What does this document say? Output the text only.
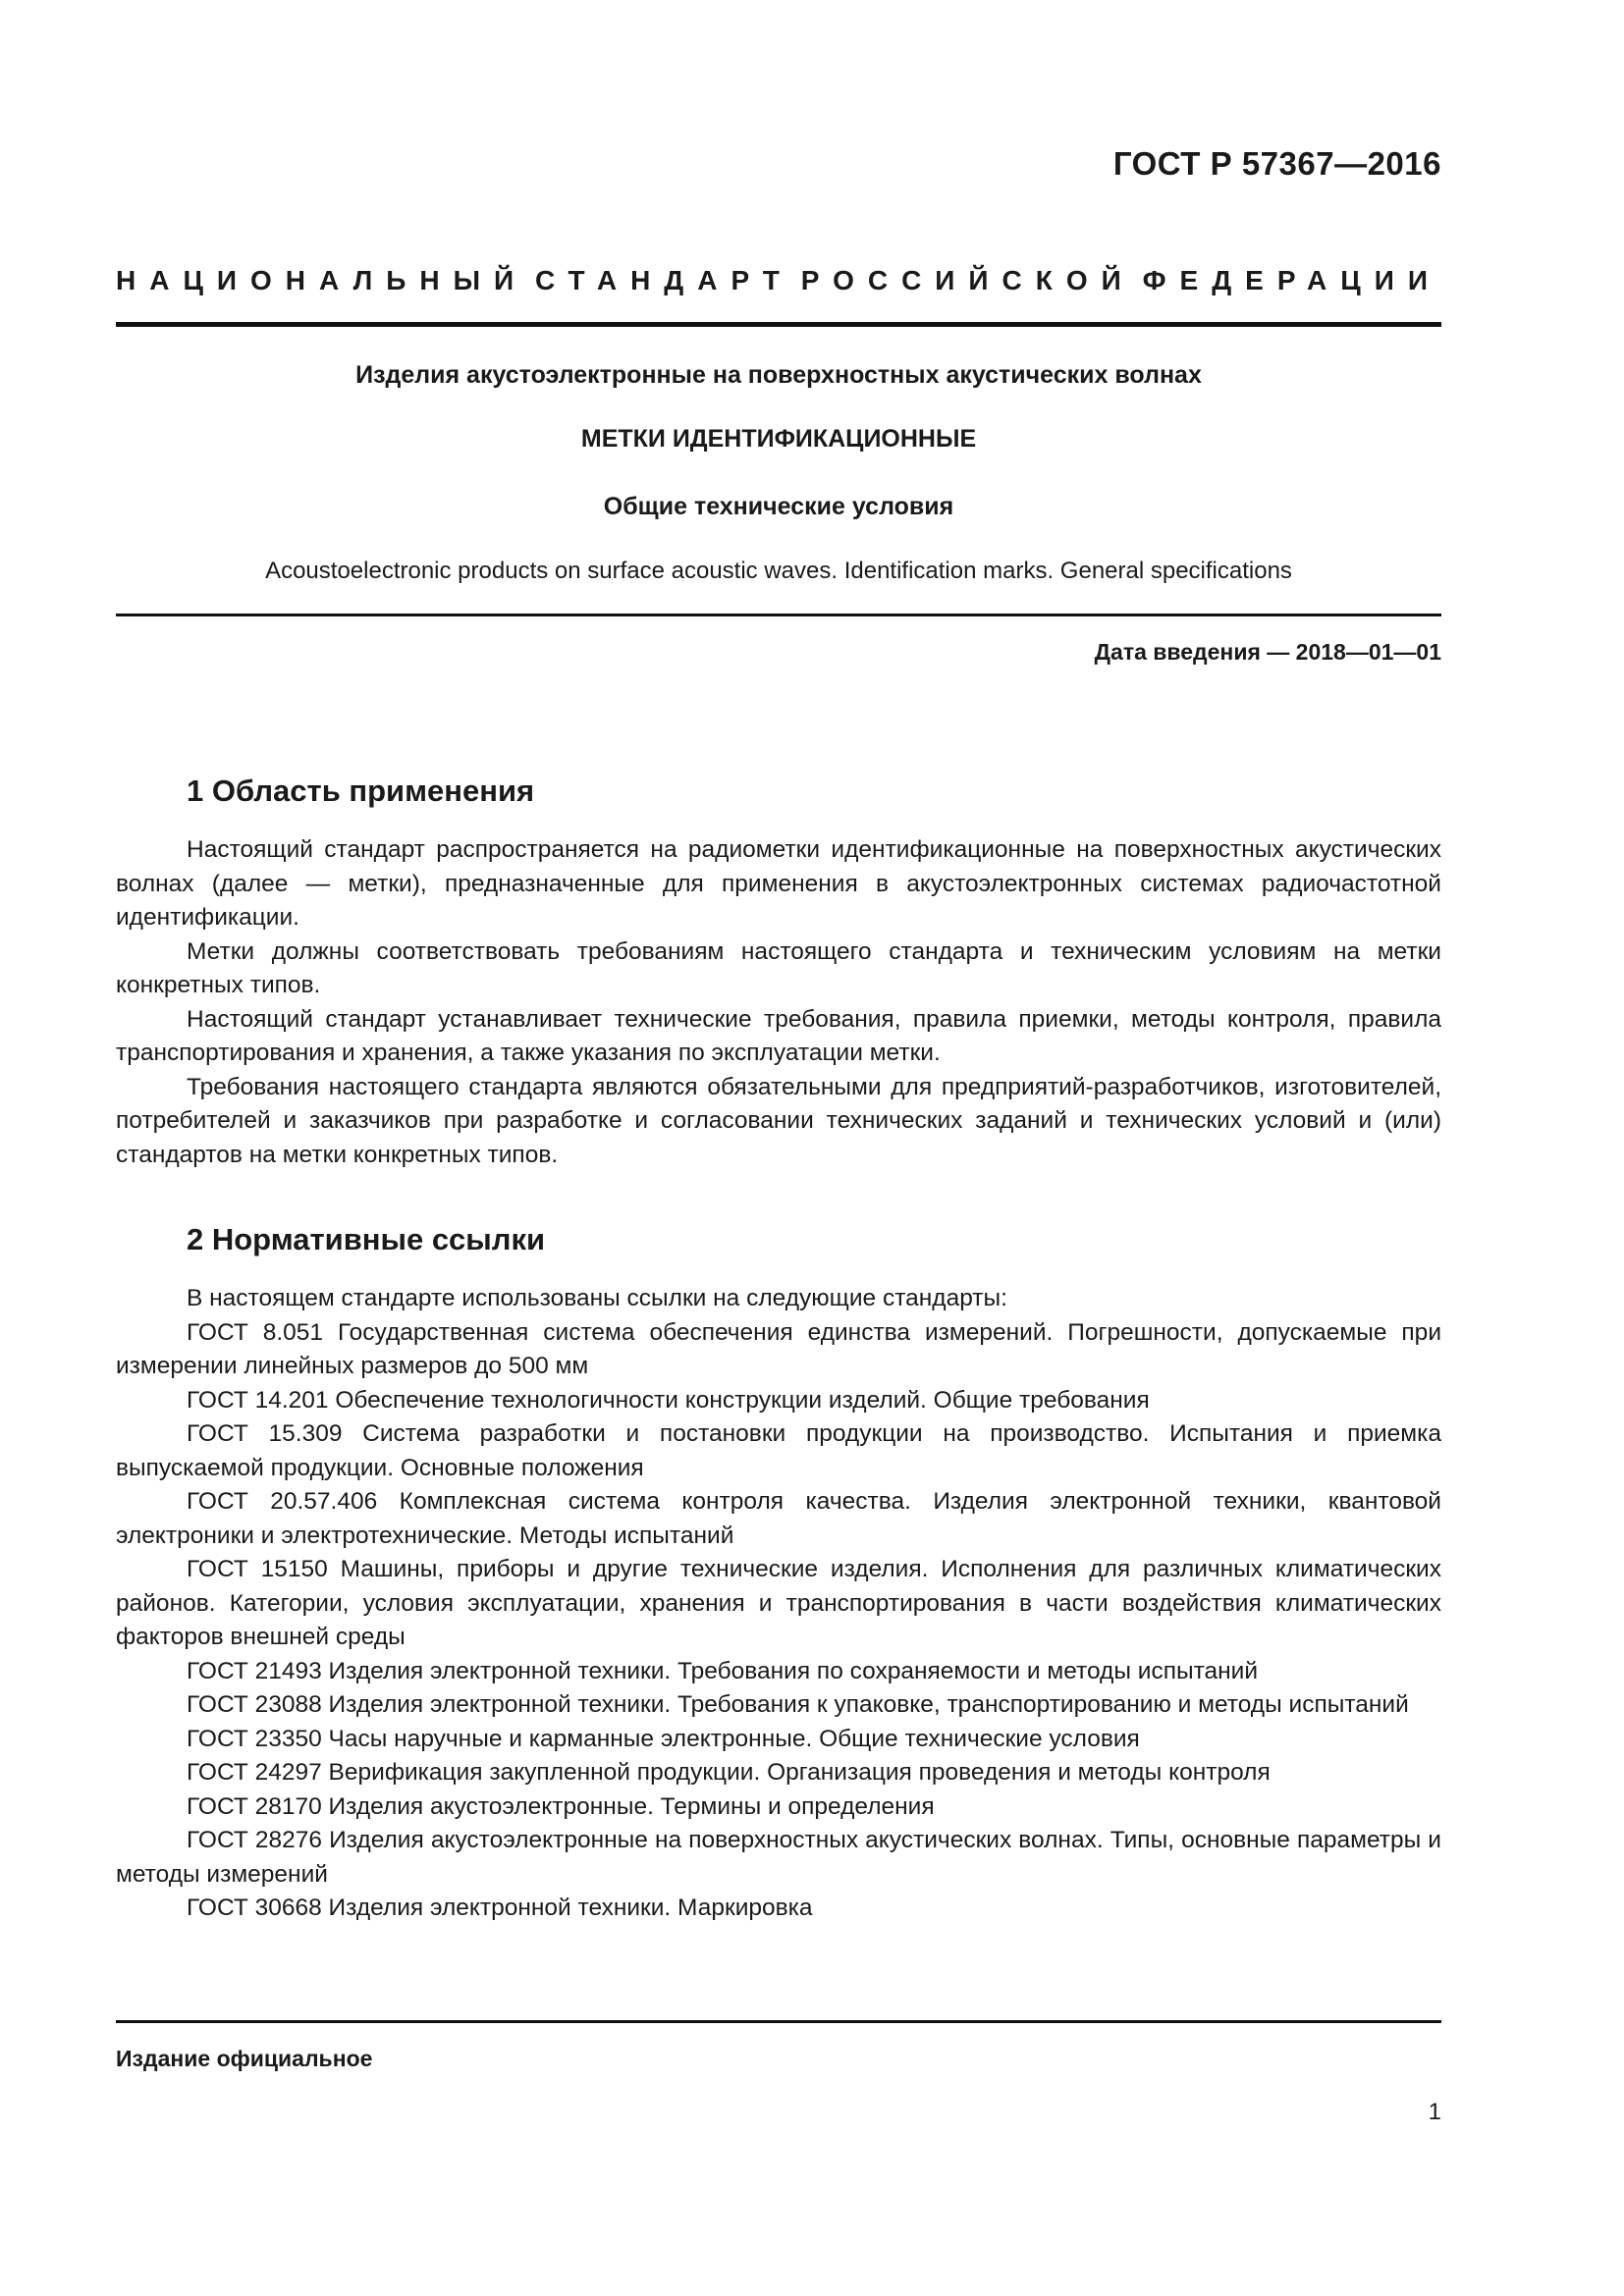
ГОСТ Р 57367—2016
НАЦИОНАЛЬНЫЙ СТАНДАРТ РОССИЙСКОЙ ФЕДЕРАЦИИ
Изделия акустоэлектронные на поверхностных акустических волнах
МЕТКИ ИДЕНТИФИКАЦИОННЫЕ
Общие технические условия
Acoustoelectronic products on surface acoustic waves. Identification marks. General specifications
Дата введения — 2018—01—01
1 Область применения

Настоящий стандарт распространяется на радиометки идентификационные на поверхностных акустических волнах (далее — метки), предназначенные для применения в акустоэлектронных системах радиочастотной идентификации.

Метки должны соответствовать требованиям настоящего стандарта и техническим условиям на метки конкретных типов.

Настоящий стандарт устанавливает технические требования, правила приемки, методы контроля, правила транспортирования и хранения, а также указания по эксплуатации метки.

Требования настоящего стандарта являются обязательными для предприятий-разработчиков, изготовителей, потребителей и заказчиков при разработке и согласовании технических заданий и технических условий и (или) стандартов на метки конкретных типов.

2 Нормативные ссылки

В настоящем стандарте использованы ссылки на следующие стандарты:

ГОСТ 8.051 Государственная система обеспечения единства измерений. Погрешности, допускаемые при измерении линейных размеров до 500 мм

ГОСТ 14.201 Обеспечение технологичности конструкции изделий. Общие требования

ГОСТ 15.309 Система разработки и постановки продукции на производство. Испытания и приемка выпускаемой продукции. Основные положения

ГОСТ 20.57.406 Комплексная система контроля качества. Изделия электронной техники, квантовой электроники и электротехнические. Методы испытаний

ГОСТ 15150 Машины, приборы и другие технические изделия. Исполнения для различных климатических районов. Категории, условия эксплуатации, хранения и транспортирования в части воздействия климатических факторов внешней среды

ГОСТ 21493 Изделия электронной техники. Требования по сохраняемости и методы испытаний

ГОСТ 23088 Изделия электронной техники. Требования к упаковке, транспортированию и методы испытаний

ГОСТ 23350 Часы наручные и карманные электронные. Общие технические условия

ГОСТ 24297 Верификация закупленной продукции. Организация проведения и методы контроля

ГОСТ 28170 Изделия акустоэлектронные. Термины и определения

ГОСТ 28276 Изделия акустоэлектронные на поверхностных акустических волнах. Типы, основные параметры и методы измерений

ГОСТ 30668 Изделия электронной техники. Маркировка

Издание официальное
1
